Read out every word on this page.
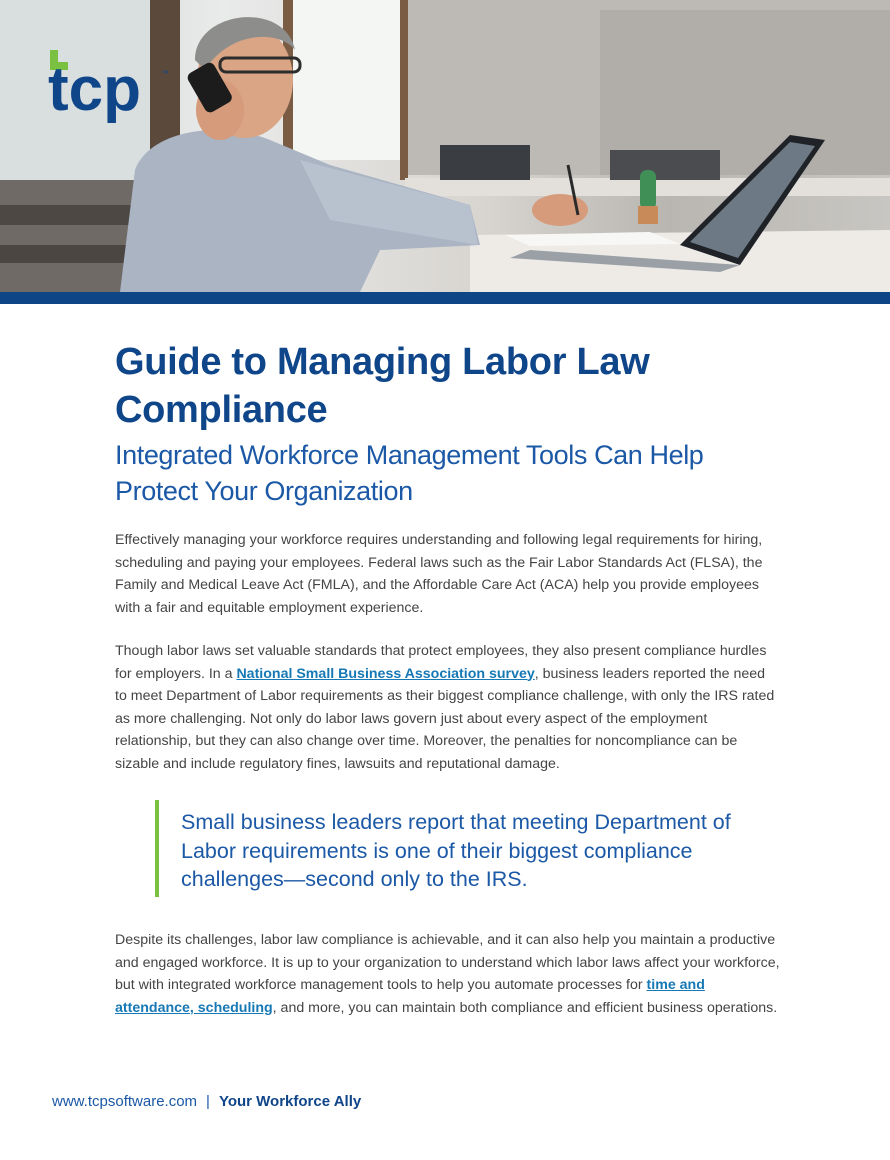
tcp	™
Guide to Managing Labor Law Compliance
Integrated Workforce Management Tools Can Help Protect Your Organization

Effectively managing your workforce requires understanding and following legal requirements for hiring, scheduling and paying your employees. Federal laws such as the Fair Labor Standards Act (FLSA), the Family and Medical Leave Act (FMLA), and the Affordable Care Act (ACA) help you provide employees with a fair and equitable employment experience.

Though labor laws set valuable standards that protect employees, they also present compliance hurdles for employers. In a National Small Business Association survey, business leaders reported the need to meet Department of Labor requirements as their biggest compliance challenge, with only the IRS rated as more challenging. Not only do labor laws govern just about every aspect of the employment relationship, but they can also change over time. Moreover, the penalties for noncompliance can be sizable and include regulatory fines, lawsuits and reputational damage.

Small business leaders report that meeting Department of Labor requirements is one of their biggest compliance challenges—second only to the IRS.

Despite its challenges, labor law compliance is achievable, and it can also help you maintain a productive and engaged workforce. It is up to your organization to understand which labor laws affect your workforce, but with integrated workforce management tools to help you automate processes for time and attendance, scheduling, and more, you can maintain both compliance and efficient business operations.

www.tcpsoftware.com | Your Workforce Ally
